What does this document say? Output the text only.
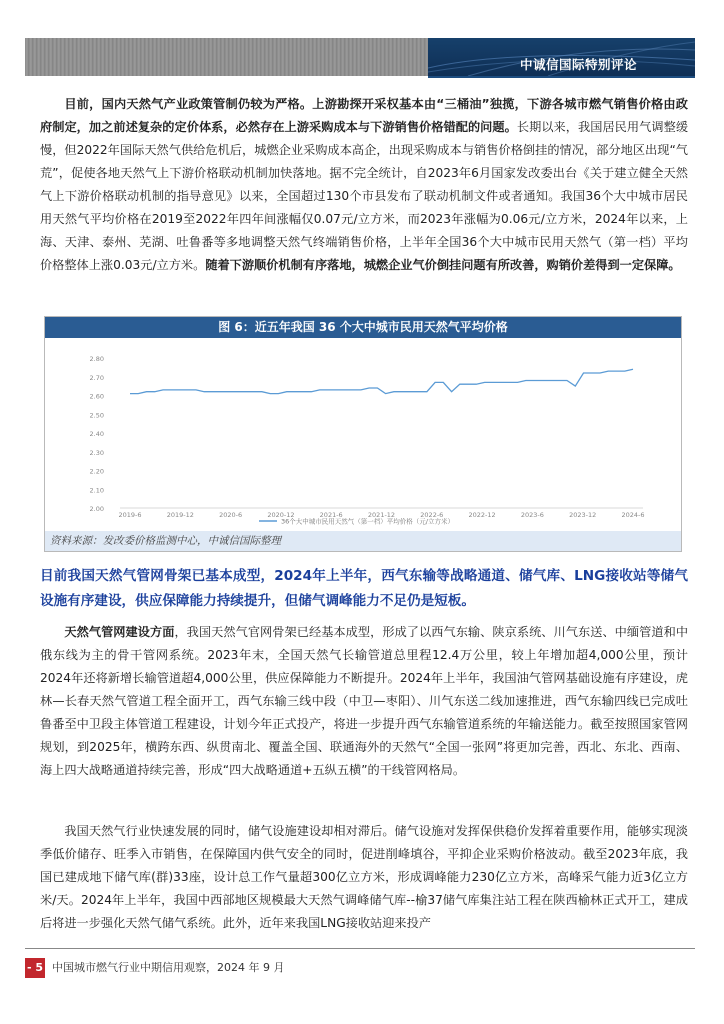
中诚信国际特别评论

目前，国内天然气产业政策管制仍较为严格。上游勘探开采权基本由“三桶油”独揽，下游各城市燃气销售价格由政府制定，加之前述复杂的定价体系，必然存在上游采购成本与下游销售价格错配的问题。长期以来，我国居民用气调整缓慢，但2022年国际天然气供给危机后，城燃企业采购成本高企，出现采购成本与销售价格倒挂的情况，部分地区出现“气荒”，促使各地天然气上下游价格联动机制加快落地。据不完全统计，自2023年6月国家发改委出台《关于建立健全天然气上下游价格联动机制的指导意见》以来，全国超过130个市县发布了联动机制文件或者通知。我国36个大中城市居民用天然气平均价格在2019至2022年四年间涨幅仅0.07元/立方米，而2023年涨幅为0.06元/立方米，2024年以来，上海、天津、泰州、芜湖、吐鲁番等多地调整天然气终端销售价格，上半年全国36个大中城市民用天然气（第一档）平均价格整体上涨0.03元/立方米。随着下游顺价机制有序落地，城燃企业气价倒挂问题有所改善，购销价差得到一定保障。

图 6：近五年我国 36 个大中城市民用天然气平均价格
2.80
2.70
2.60
2.50
2.40
2.30
2.20
2.10
2.00
2019-6	2019-12	2020-6	2020-12	2021-6	2021-12	2022-6	2022-12	2023-6	2023-12	2024-6
36个大中城市民用天然气（第一档）平均价格（元/立方米）
资料来源：发改委价格监测中心，中诚信国际整理
目前我国天然气管网骨架已基本成型，2024年上半年，西气东输等战略通道、储气库、LNG接收站等储气设施有序建设，供应保障能力持续提升，但储气调峰能力不足仍是短板。

天然气管网建设方面，我国天然气官网骨架已经基本成型，形成了以西气东输、陕京系统、川气东送、中缅管道和中俄东线为主的骨干管网系统。2023年末，全国天然气长输管道总里程12.4万公里，较上年增加超4,000公里，预计2024年还将新增长输管道超4,000公里，供应保障能力不断提升。2024年上半年，我国油气管网基础设施有序建设，虎林—长春天然气管道工程全面开工，西气东输三线中段（中卫—枣阳）、川气东送二线加速推进，西气东输四线已完成吐鲁番至中卫段主体管道工程建设，计划今年正式投产，将进一步提升西气东输管道系统的年输送能力。截至按照国家管网规划，到2025年，横跨东西、纵贯南北、覆盖全国、联通海外的天然气“全国一张网”将更加完善，西北、东北、西南、海上四大战略通道持续完善，形成“四大战略通道+五纵五横”的干线管网格局。

我国天然气行业快速发展的同时，储气设施建设却相对滞后。储气设施对发挥保供稳价发挥着重要作用，能够实现淡季低价储存、旺季入市销售，在保障国内供气安全的同时，促进削峰填谷，平抑企业采购价格波动。截至2023年底，我国已建成地下储气库(群)33座，设计总工作气量超300亿立方米，形成调峰能力230亿立方米，高峰采气能力近3亿立方米/天。2024年上半年，我国中西部地区规模最大天然气调峰储气库--榆37储气库集注站工程在陕西榆林正式开工，建成后将进一步强化天然气储气系统。此外，近年来我国LNG接收站迎来投产

- 5 -
中国城市燃气行业中期信用观察，2024 年 9 月
